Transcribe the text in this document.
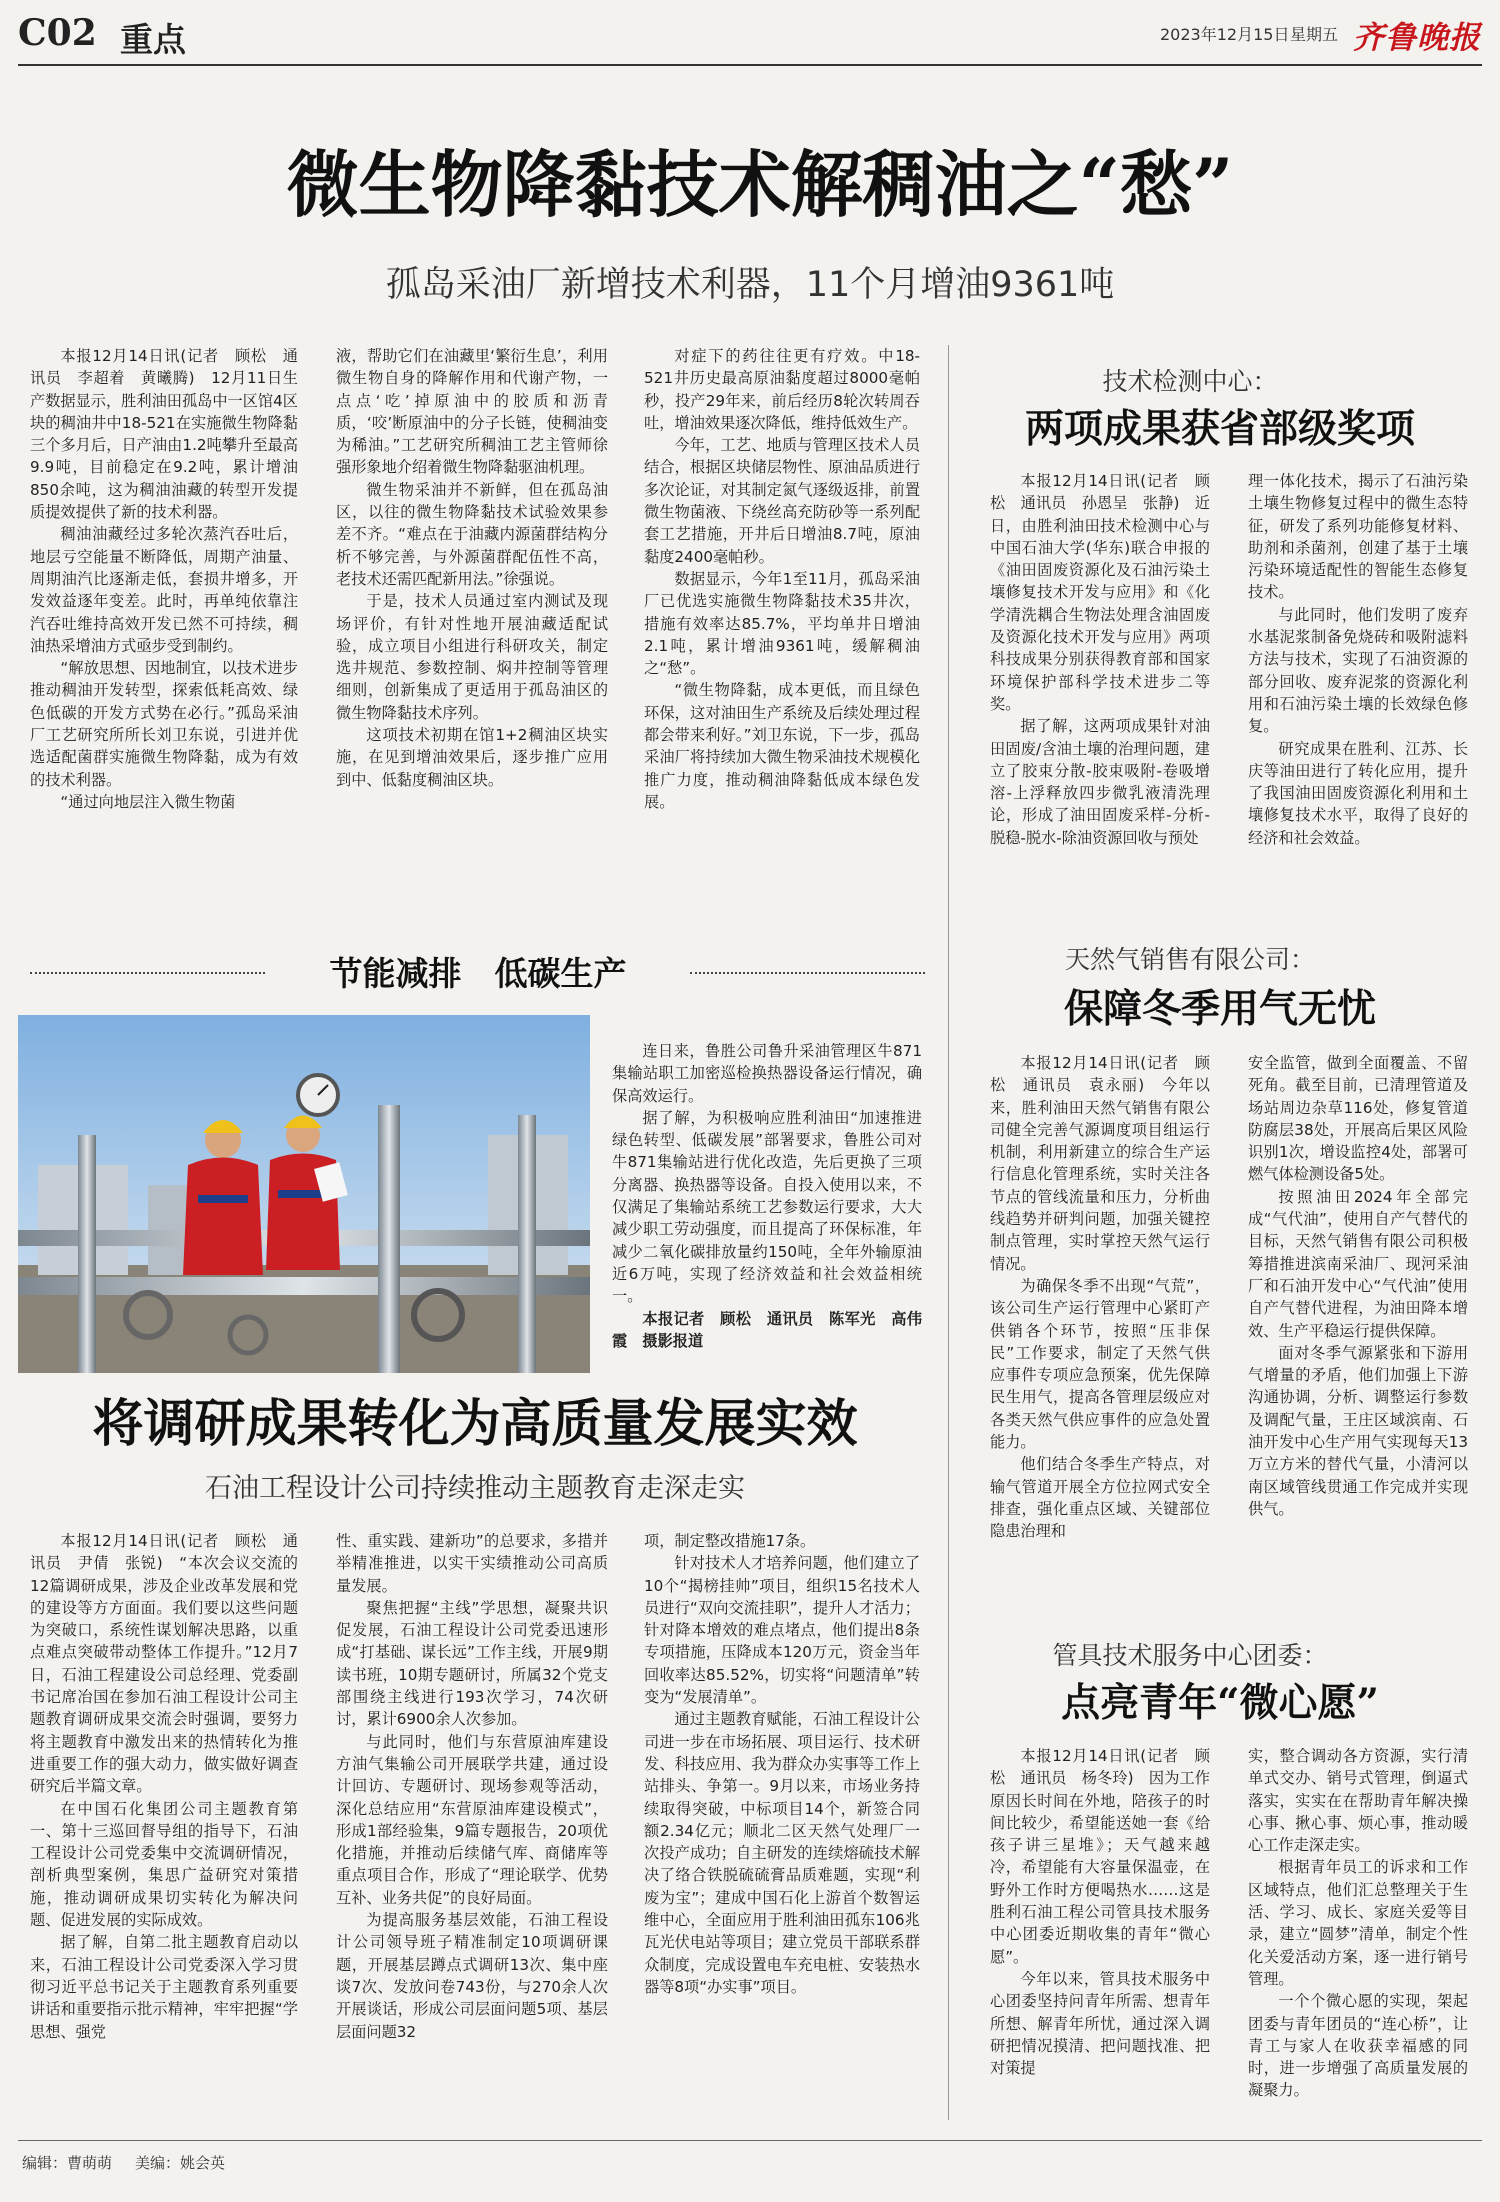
C02 重点	2023年12月15日 星期五 齐鲁晚报
微生物降黏技术解稠油之“愁”
孤岛采油厂新增技术利器，11个月增油9361吨

本报12月14日讯(记者　顾松　通讯员　李超着　黄曦腾)　12月11日生产数据显示，胜利油田孤岛中一区馆4区块的稠油井中18-521在实施微生物降黏三个多月后，日产油由1.2吨攀升至最高9.9吨，目前稳定在9.2吨，累计增油850余吨，这为稠油油藏的转型开发提质提效提供了新的技术利器。

稠油油藏经过多轮次蒸汽吞吐后，地层亏空能量不断降低，周期产油量、周期油汽比逐渐走低，套损井增多，开发效益逐年变差。此时，再单纯依靠注汽吞吐维持高效开发已然不可持续，稠油热采增油方式亟步受到制约。

“解放思想、因地制宜，以技术进步推动稠油开发转型，探索低耗高效、绿色低碳的开发方式势在必行。”孤岛采油厂工艺研究所所长刘卫东说，引进并优选适配菌群实施微生物降黏，成为有效的技术利器。

“通过向地层注入微生物菌

液，帮助它们在油藏里‘繁衍生息’，利用微生物自身的降解作用和代谢产物，一点点‘吃’掉原油中的胶质和沥青质，‘咬’断原油中的分子长链，使稠油变为稀油。”工艺研究所稠油工艺主管师徐强形象地介绍着微生物降黏驱油机理。

微生物采油并不新鲜，但在孤岛油区，以往的微生物降黏技术试验效果参差不齐。“难点在于油藏内源菌群结构分析不够完善，与外源菌群配伍性不高，老技术还需匹配新用法。”徐强说。

于是，技术人员通过室内测试及现场评价，有针对性地开展油藏适配试验，成立项目小组进行科研攻关，制定选井规范、参数控制、焖井控制等管理细则，创新集成了更适用于孤岛油区的微生物降黏技术序列。

这项技术初期在馆1+2稠油区块实施，在见到增油效果后，逐步推广应用到中、低黏度稠油区块。

对症下的药往往更有疗效。中18-521井历史最高原油黏度超过8000毫帕秒，投产29年来，前后经历8轮次转周吞吐，增油效果逐次降低，维持低效生产。

今年，工艺、地质与管理区技术人员结合，根据区块储层物性、原油品质进行多次论证，对其制定氮气逐级返排，前置微生物菌液、下绕丝高充防砂等一系列配套工艺措施，开井后日增油8.7吨，原油黏度2400毫帕秒。

数据显示，今年1至11月，孤岛采油厂已优选实施微生物降黏技术35井次，措施有效率达85.7%，平均单井日增油2.1吨，累计增油9361吨，缓解稠油之“愁”。

“微生物降黏，成本更低，而且绿色环保，这对油田生产系统及后续处理过程都会带来利好。”刘卫东说，下一步，孤岛采油厂将持续加大微生物采油技术规模化推广力度，推动稠油降黏低成本绿色发展。

技术检测中心：
两项成果获省部级奖项

本报12月14日讯(记者　顾松　通讯员　孙恩呈　张静)　近日，由胜利油田技术检测中心与中国石油大学(华东)联合申报的《油田固废资源化及石油污染土壤修复技术开发与应用》和《化学清洗耦合生物法处理含油固废及资源化技术开发与应用》两项科技成果分别获得教育部和国家环境保护部科学技术进步二等奖。

据了解，这两项成果针对油田固废/含油土壤的治理问题，建立了胶束分散-胶束吸附-卷吸增溶-上浮释放四步微乳液清洗理论，形成了油田固废采样-分析-脱稳-脱水-除油资源回收与预处

理一体化技术，揭示了石油污染土壤生物修复过程中的微生态特征，研发了系列功能修复材料、助剂和杀菌剂，创建了基于土壤污染环境适配性的智能生态修复技术。

与此同时，他们发明了废弃水基泥浆制备免烧砖和吸附滤料方法与技术，实现了石油资源的部分回收、废弃泥浆的资源化利用和石油污染土壤的长效绿色修复。

研究成果在胜利、江苏、长庆等油田进行了转化应用，提升了我国油田固废资源化利用和土壤修复技术水平，取得了良好的经济和社会效益。

节能减排　低碳生产

连日来，鲁胜公司鲁升采油管理区牛871集输站职工加密巡检换热器设备运行情况，确保高效运行。

据了解，为积极响应胜利油田“加速推进绿色转型、低碳发展”部署要求，鲁胜公司对牛871集输站进行优化改造，先后更换了三项分离器、换热器等设备。自投入使用以来，不仅满足了集输站系统工艺参数运行要求，大大减少职工劳动强度，而且提高了环保标准，年减少二氧化碳排放量约150吨，全年外输原油近6万吨，实现了经济效益和社会效益相统一。

本报记者　顾松　通讯员　陈军光　高伟霞　摄影报道

天然气销售有限公司：
保障冬季用气无忧

本报12月14日讯(记者　顾松　通讯员　袁永丽)　今年以来，胜利油田天然气销售有限公司健全完善气源调度项目组运行机制，利用新建立的综合生产运行信息化管理系统，实时关注各节点的管线流量和压力，分析曲线趋势并研判问题，加强关键控制点管理，实时掌控天然气运行情况。

为确保冬季不出现“气荒”，该公司生产运行管理中心紧盯产供销各个环节，按照“压非保民”工作要求，制定了天然气供应事件专项应急预案，优先保障民生用气，提高各管理层级应对各类天然气供应事件的应急处置能力。

他们结合冬季生产特点，对输气管道开展全方位拉网式安全排查，强化重点区域、关键部位隐患治理和

安全监管，做到全面覆盖、不留死角。截至目前，已清理管道及场站周边杂草116处，修复管道防腐层38处，开展高后果区风险识别1次，增设监控4处，部署可燃气体检测设备5处。

按照油田2024年全部完成“气代油”，使用自产气替代的目标，天然气销售有限公司积极筹措推进滨南采油厂、现河采油厂和石油开发中心“气代油”使用自产气替代进程，为油田降本增效、生产平稳运行提供保障。

面对冬季气源紧张和下游用气增量的矛盾，他们加强上下游沟通协调，分析、调整运行参数及调配气量，王庄区域滨南、石油开发中心生产用气实现每天13万立方米的替代气量，小清河以南区域管线贯通工作完成并实现供气。

将调研成果转化为高质量发展实效
石油工程设计公司持续推动主题教育走深走实

本报12月14日讯(记者　顾松　通讯员　尹倩　张锐)　“本次会议交流的12篇调研成果，涉及企业改革发展和党的建设等方方面面。我们要以这些问题为突破口，系统性谋划解决思路，以重点难点突破带动整体工作提升。”12月7日，石油工程建设公司总经理、党委副书记席冶国在参加石油工程设计公司主题教育调研成果交流会时强调，要努力将主题教育中激发出来的热情转化为推进重要工作的强大动力，做实做好调查研究后半篇文章。

在中国石化集团公司主题教育第一、第十三巡回督导组的指导下，石油工程设计公司党委集中交流调研情况，剖析典型案例，集思广益研究对策措施，推动调研成果切实转化为解决问题、促进发展的实际成效。

据了解，自第二批主题教育启动以来，石油工程设计公司党委深入学习贯彻习近平总书记关于主题教育系列重要讲话和重要指示批示精神，牢牢把握“学思想、强党

性、重实践、建新功”的总要求，多措并举精准推进，以实干实绩推动公司高质量发展。

聚焦把握“主线”学思想，凝聚共识促发展，石油工程设计公司党委迅速形成“打基础、谋长远”工作主线，开展9期读书班，10期专题研讨，所属32个党支部围绕主线进行193次学习，74次研讨，累计6900余人次参加。

与此同时，他们与东营原油库建设方油气集输公司开展联学共建，通过设计回访、专题研讨、现场参观等活动，深化总结应用“东营原油库建设模式”，形成1部经验集，9篇专题报告，20项优化措施，并推动后续储气库、商储库等重点项目合作，形成了“理论联学、优势互补、业务共促”的良好局面。

为提高服务基层效能，石油工程设计公司领导班子精准制定10项调研课题，开展基层蹲点式调研13次、集中座谈7次、发放问卷743份，与270余人次开展谈话，形成公司层面问题5项、基层层面问题32

项，制定整改措施17条。

针对技术人才培养问题，他们建立了10个“揭榜挂帅”项目，组织15名技术人员进行“双向交流挂职”，提升人才活力；针对降本增效的难点堵点，他们提出8条专项措施，压降成本120万元，资金当年回收率达85.52%，切实将“问题清单”转变为“发展清单”。

通过主题教育赋能，石油工程设计公司进一步在市场拓展、项目运行、技术研发、科技应用、我为群众办实事等工作上站排头、争第一。9月以来，市场业务持续取得突破，中标项目14个，新签合同额2.34亿元；顺北二区天然气处理厂一次投产成功；自主研发的连续熔硫技术解决了络合铁脱硫硫膏品质难题，实现“利废为宝”；建成中国石化上游首个数智运维中心，全面应用于胜利油田孤东106兆瓦光伏电站等项目；建立党员干部联系群众制度，完成设置电车充电桩、安装热水器等8项“办实事”项目。

管具技术服务中心团委：
点亮青年“微心愿”

本报12月14日讯(记者　顾松　通讯员　杨冬玲)　因为工作原因长时间在外地，陪孩子的时间比较少，希望能送她一套《给孩子讲三星堆》；天气越来越冷，希望能有大容量保温壶，在野外工作时方便喝热水……这是胜利石油工程公司管具技术服务中心团委近期收集的青年“微心愿”。

今年以来，管具技术服务中心团委坚持问青年所需、想青年所想、解青年所忧，通过深入调研把情况摸清、把问题找准、把对策提

实，整合调动各方资源，实行清单式交办、销号式管理，倒逼式落实，实实在在帮助青年解决操心事、揪心事、烦心事，推动暖心工作走深走实。

根据青年员工的诉求和工作区域特点，他们汇总整理关于生活、学习、成长、家庭关爱等目录，建立“圆梦”清单，制定个性化关爱活动方案，逐一进行销号管理。

一个个微心愿的实现，架起团委与青年团员的“连心桥”，让青工与家人在收获幸福感的同时，进一步增强了高质量发展的凝聚力。

编辑：曹萌萌 美编：姚会英
